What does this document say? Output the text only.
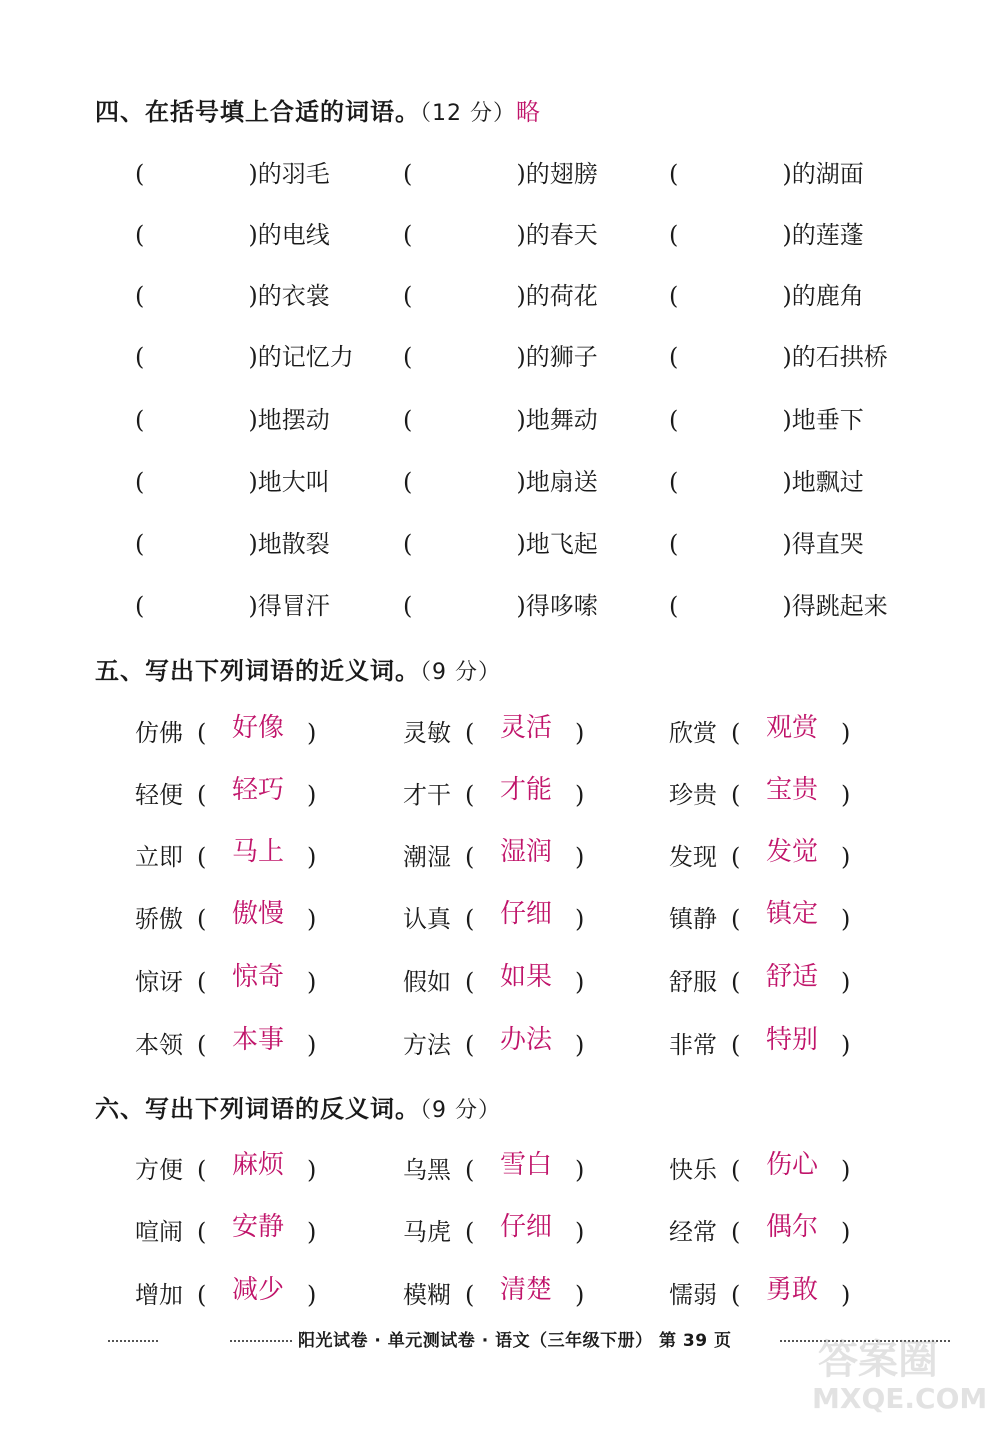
四、在括号填上合适的词语。（12 分）略
(	)的羽毛	(	)的翅膀	(	)的湖面
(	)的电线	(	)的春天	(	)的莲蓬
(	)的衣裳	(	)的荷花	(	)的鹿角
(	)的记忆力 (	)的狮子	(	)的石拱桥
(	)地摆动	(	)地舞动	(	)地垂下
(	)地大叫	(	)地扇送	(	)地飘过
(	)地散裂	(	)地飞起	(	)得直哭
(	)得冒汗	(	)得哆嗦	(	)得跳起来
五、写出下列词语的近义词。（9 分）
仿佛 ( 好像 )	灵敏 ( 灵活 )	欣赏 ( 观赏 )
轻便 ( 轻巧 )	才干 ( 才能 )	珍贵 ( 宝贵 )
立即 ( 马上 )	潮湿 ( 湿润 )	发现 ( 发觉 )
骄傲 ( 傲慢 )	认真 ( 仔细 )	镇静 ( 镇定 )
惊讶 ( 惊奇 )	假如 ( 如果 )	舒服 ( 舒适 )
本领 ( 本事 )	方法 ( 办法 )	非常 ( 特别 )
六、写出下列词语的反义词。（9 分）
方便 ( 麻烦 )	乌黑 ( 雪白 )	快乐 ( 伤心 )
喧闹 ( 安静 )	马虎 ( 仔细 )	经常 ( 偶尔 )
增加 ( 减少 )	模糊 ( 清楚 )	懦弱 ( 勇敢 )
阳光试卷 · 单元测试卷 · 语文（三年级下册） 第 39 页 答案圈
MXQE.COM
